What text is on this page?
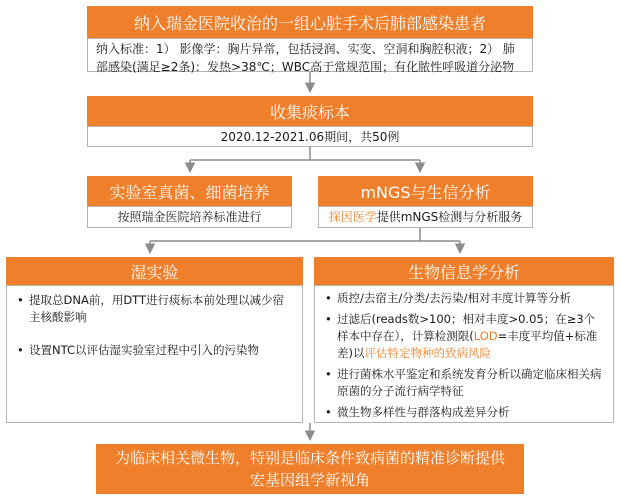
纳入瑞金医院收治的一组心脏手术后肺部感染患者
纳入标准：1） 影像学：胸片异常，包括浸润、实变、空洞和胸腔积液；2） 肺部感染(满足≥2条)：发热>38℃；WBC高于常规范围；有化脓性呼吸道分泌物
收集痰标本
2020.12-2021.06期间，共50例
实验室真菌、细菌培养
按照瑞金医院培养标准进行
mNGS与生信分析
探因医学提供mNGS检测与分析服务
湿实验
• 提取总DNA前，用DTT进行痰标本前处理以减少宿主核酸影响
• 设置NTC以评估湿实验室过程中引入的污染物
生物信息学分析
• 质控/去宿主/分类/去污染/相对丰度计算等分析
• 过滤后(reads数>100；相对丰度>0.05；在≥3个样本中存在），计算检测限(LOD=丰度平均值+标准差)以评估特定物种的致病风险
• 进行菌株水平鉴定和系统发育分析以确定临床相关病原菌的分子流行病学特征
• 微生物多样性与群落构成差异分析
为临床相关微生物，特别是临床条件致病菌的精准诊断提供宏基因组学新视角
